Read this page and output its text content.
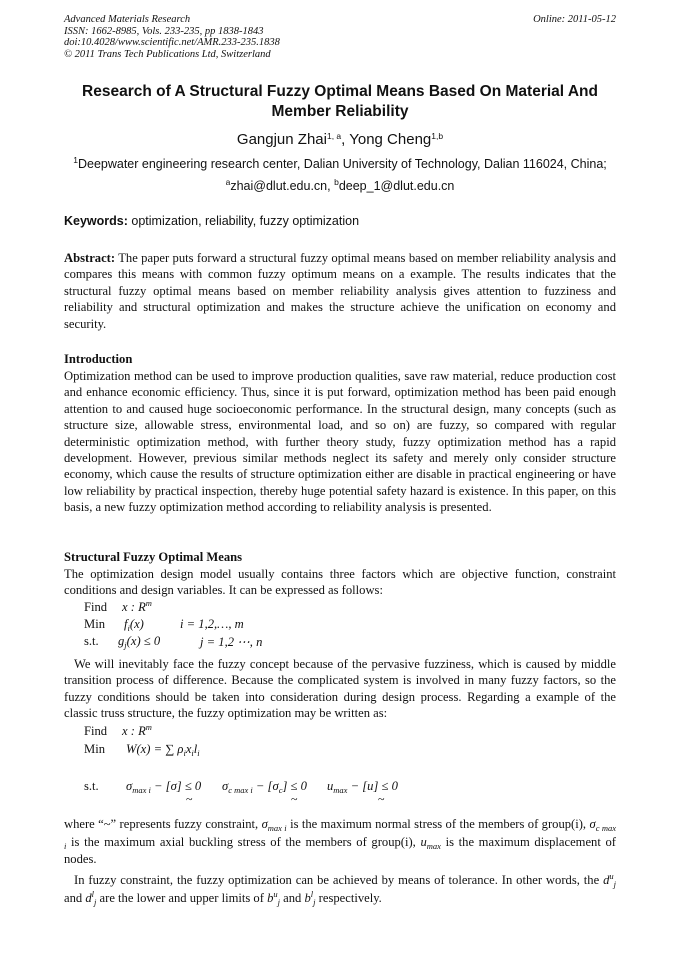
Advanced Materials Research
ISSN: 1662-8985, Vols. 233-235, pp 1838-1843
doi:10.4028/www.scientific.net/AMR.233-235.1838
© 2011 Trans Tech Publications Ltd, Switzerland
Online: 2011-05-12
Research of A Structural Fuzzy Optimal Means Based On Material And Member Reliability
Gangjun Zhai$^{1, a}$, Yong Cheng$^{1,b}$
$^1$Deepwater engineering research center, Dalian University of Technology, Dalian 116024, China;
$^a$zhai@dlut.edu.cn, $^b$deep_1@dlut.edu.cn
Keywords: optimization, reliability, fuzzy optimization
Abstract: The paper puts forward a structural fuzzy optimal means based on member reliability analysis and compares this means with common fuzzy optimum means on a example. The results indicates that the structural fuzzy optimal means based on member reliability analysis gives attention to fuzziness and reliability and structural optimization and makes the structure achieve the unification on economy and security.
Introduction
Optimization method can be used to improve production qualities, save raw material, reduce production cost and enhance economic efficiency. Thus, since it is put forward, optimization method has been paid enough attention to and caused huge socioeconomic performance. In the structural design, many concepts (such as structure size, allowable stress, environmental load, and so on) are fuzzy, so compared with regular deterministic optimization method, with further theory study, fuzzy optimization method has a rapid development. However, previous similar methods neglect its safety and merely only consider structure economy, which cause the results of structure optimization either are disable in practical engineering or have low reliability by practical inspection, thereby huge potential safety hazard is existence. In this paper, on this basis, a new fuzzy optimization method according to reliability analysis is presented.
Structural Fuzzy Optimal Means
The optimization design model usually contains three factors which are objective function, constraint conditions and design variables. It can be expressed as follows:
Find x : $R^m$
Min $f_i(x)$	i = 1,2,…, m
s.t. $g_j(x) \le 0$	j = 1,2 ⋯, n
We will inevitably face the fuzzy concept because of the pervasive fuzziness, which is caused by middle transition process of difference. Because the complicated system is involved in many fuzzy factors, so the fuzzy conditions should be taken into consideration during design process. Regarding a example of the classic truss structure, the fuzzy optimization may be written as:
Find x : $R^m$
Min W(x) = ∑ $\rho_ix_il_i$
s.t. $\sigma_{max i} - [\sigma] \le 0$
~
$\sigma_{c max i} - [\sigma_c] \le 0$
~
$u_{max} - [u] \le 0$
~
where “~” represents fuzzy constraint, $\sigma_{max i}$ is the maximum normal stress of the members of group(i), $\sigma_{c max i}$ is the maximum axial buckling stress of the members of group(i), $u_{max}$ is the maximum displacement of nodes.
In fuzzy constraint, the fuzzy optimization can be achieved by means of tolerance. In other words, the $d^u_j$ and $d^l_j$ are the lower and upper limits of $b^u_j$ and $b^l_j$ respectively.
